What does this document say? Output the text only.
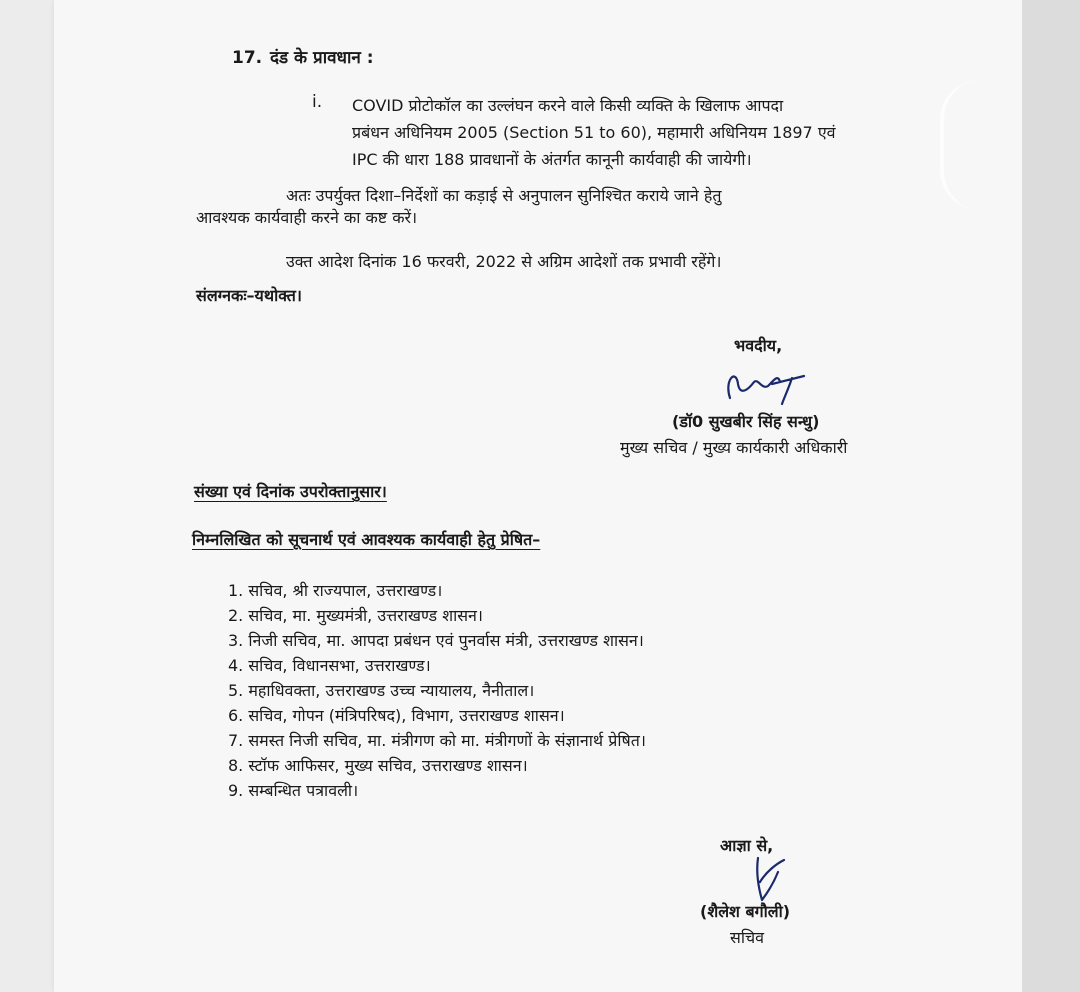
17. दंड के प्रावधान :
i. COVID प्रोटोकॉल का उल्लंघन करने वाले किसी व्यक्ति के खिलाफ आपदा
प्रबंधन अधिनियम 2005 (Section 51 to 60), महामारी अधिनियम 1897 एवं
IPC की धारा 188 प्रावधानों के अंतर्गत कानूनी कार्यवाही की जायेगी।
अतः उपर्युक्त दिशा–निर्देशों का कड़ाई से अनुपालन सुनिश्चित कराये जाने हेतु
आवश्यक कार्यवाही करने का कष्ट करें।
उक्त आदेश दिनांक 16 फरवरी, 2022 से अग्रिम आदेशों तक प्रभावी रहेंगे।
संलग्नकः–यथोक्त।
भवदीय,
(डॉ0 सुखबीर सिंह सन्धु)
मुख्य सचिव / मुख्य कार्यकारी अधिकारी
संख्या एवं दिनांक उपरोक्तानुसार।
निम्नलिखित को सूचनार्थ एवं आवश्यक कार्यवाही हेतु प्रेषित–
1. सचिव, श्री राज्यपाल, उत्तराखण्ड।
2. सचिव, मा. मुख्यमंत्री, उत्तराखण्ड शासन।
3. निजी सचिव, मा. आपदा प्रबंधन एवं पुनर्वास मंत्री, उत्तराखण्ड शासन।
4. सचिव, विधानसभा, उत्तराखण्ड।
5. महाधिवक्ता, उत्तराखण्ड उच्च न्यायालय, नैनीताल।
6. सचिव, गोपन (मंत्रिपरिषद), विभाग, उत्तराखण्ड शासन।
7. समस्त निजी सचिव, मा. मंत्रीगण को मा. मंत्रीगणों के संज्ञानार्थ प्रेषित।
8. स्टॉफ आफिसर, मुख्य सचिव, उत्तराखण्ड शासन।
9. सम्बन्धित पत्रावली।
आज्ञा से,
(शैलेश बगौली)
सचिव
